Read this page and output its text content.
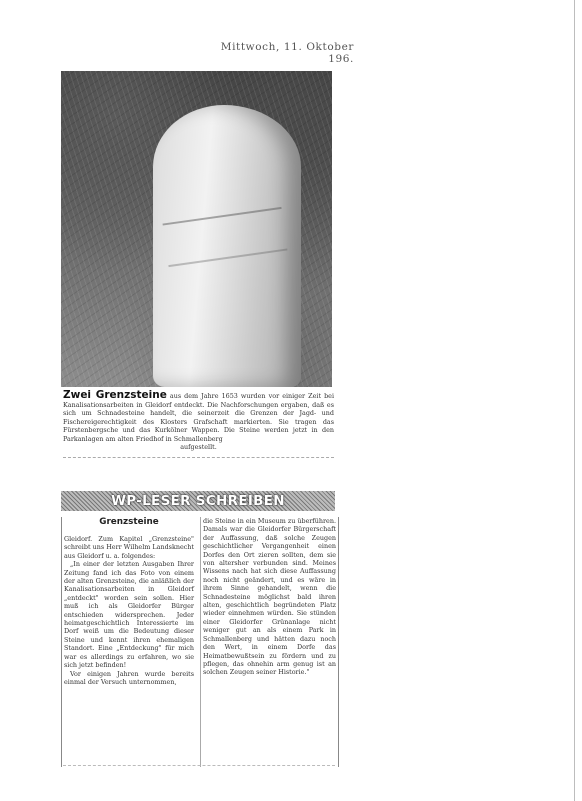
Mittwoch, 11. Oktober 196.
Zwei Grenzsteine aus dem Jahre 1653 wurden vor einiger Zeit bei Kanalisationsarbeiten in Gleidorf entdeckt. Die Nachforschungen ergaben, daß es sich um Schnadesteine handelt, die seinerzeit die Grenzen der Jagd- und Fischereigerechtigkeit des Klosters Grafschaft markierten. Sie tragen das Fürstenbergsche und das Kurkölner Wappen. Die Steine werden jetzt in den Parkanlagen am alten Friedhof in Schmallenberg
aufgestellt.
WP-LESER SCHREIBEN
Grenzsteine

Gleidorf. Zum Kapitel „Grenzsteine" schreibt uns Herr Wilhelm Landsknecht aus Gleidorf u. a. folgendes:

„In einer der letzten Ausgaben Ihrer Zeitung fand ich das Foto von einem der alten Grenzsteine, die anläßlich der Kanalisationsarbeiten in Gleidorf „entdeckt" worden sein sollen. Hier muß ich als Gleidorfer Bürger entschieden widersprechen. Jeder heimatgeschichtlich Interessierte im Dorf weiß um die Bedeutung dieser Steine und kennt ihren ehemaligen Standort. Eine „Entdeckung" für mich war es allerdings zu erfahren, wo sie sich jetzt befinden!

Vor einigen Jahren wurde bereits einmal der Versuch unternommen,

die Steine in ein Museum zu überführen. Damals war die Gleidorfer Bürgerschaft der Auffassung, daß solche Zeugen geschichtlicher Vergangenheit einen Dorfes den Ort zieren sollten, dem sie von altersher verbunden sind. Meines Wissens nach hat sich diese Auffassung noch nicht geändert, und es wäre in ihrem Sinne gehandelt, wenn die Schnadesteine möglichst bald ihren alten, geschichtlich begründeten Platz wieder einnehmen würden. Sie stünden einer Gleidorfer Grünanlage nicht weniger gut an als einem Park in Schmallenberg und hätten dazu noch den Wert, in einem Dorfe das Heimatbewußtsein zu fördern und zu pflegen, das ohnehin arm genug ist an solchen Zeugen seiner Historie."
